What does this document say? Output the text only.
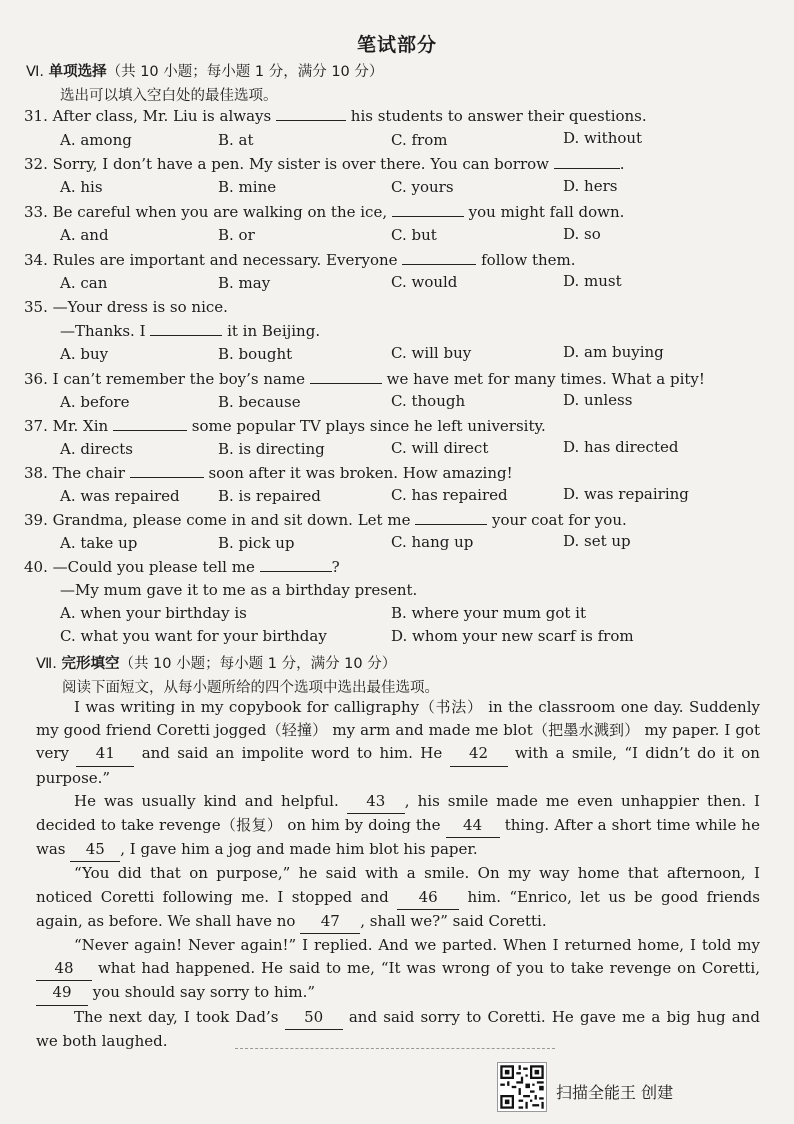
笔试部分
Ⅵ. 单项选择（共 10 小题；每小题 1 分，满分 10 分）
选出可以填入空白处的最佳选项。
31. After class, Mr. Liu is always	his students to answer their questions.
A. among	B. at	C. from	D. without
32. Sorry, I don’t have a pen. My sister is over there. You can borrow	.
A. his	B. mine	C. yours	D. hers
33. Be careful when you are walking on the ice,	you might fall down.
A. and	B. or	C. but	D. so
34. Rules are important and necessary. Everyone	follow them.
A. can	B. may	C. would	D. must
35. —Your dress is so nice.
—Thanks. I	it in Beijing.
A. buy	B. bought	C. will buy	D. am buying
36. I can’t remember the boy’s name	we have met for many times. What a pity!
A. before	B. because	C. though	D. unless
37. Mr. Xin	some popular TV plays since he left university.
A. directs	B. is directing	C. will direct	D. has directed
38. The chair	soon after it was broken. How amazing!
A. was repaired	B. is repaired	C. has repaired	D. was repairing
39. Grandma, please come in and sit down. Let me	your coat for you.
A. take up	B. pick up	C. hang up	D. set up
40. —Could you please tell me	?
—My mum gave it to me as a birthday present.
A. when your birthday is	B. where your mum got it
C. what you want for your birthday	D. whom your new scarf is from
Ⅶ. 完形填空（共 10 小题；每小题 1 分，满分 10 分）
阅读下面短文，从每小题所给的四个选项中选出最佳选项。

I was writing in my copybook for calligraphy（书法） in the classroom one day. Suddenly my good friend Coretti jogged（轻撞） my arm and made me blot（把墨水溅到） my paper. I got very 41 and said an impolite word to him. He 42 with a smile, “I didn’t do it on purpose.”

He was usually kind and helpful. 43 , his smile made me even unhappier then. I decided to take revenge（报复） on him by doing the 44 thing. After a short time while he was 45 , I gave him a jog and made him blot his paper.

“You did that on purpose,” he said with a smile. On my way home that afternoon, I noticed Coretti following me. I stopped and 46 him. “Enrico, let us be good friends again, as before. We shall have no 47 , shall we?” said Coretti.

“Never again! Never again!” I replied. And we parted. When I returned home, I told my 48 what had happened. He said to me, “It was wrong of you to take revenge on Coretti, 49 you should say sorry to him.”

The next day, I took Dad’s 50 and said sorry to Coretti. He gave me a big hug and we both laughed.

扫描全能王 创建
